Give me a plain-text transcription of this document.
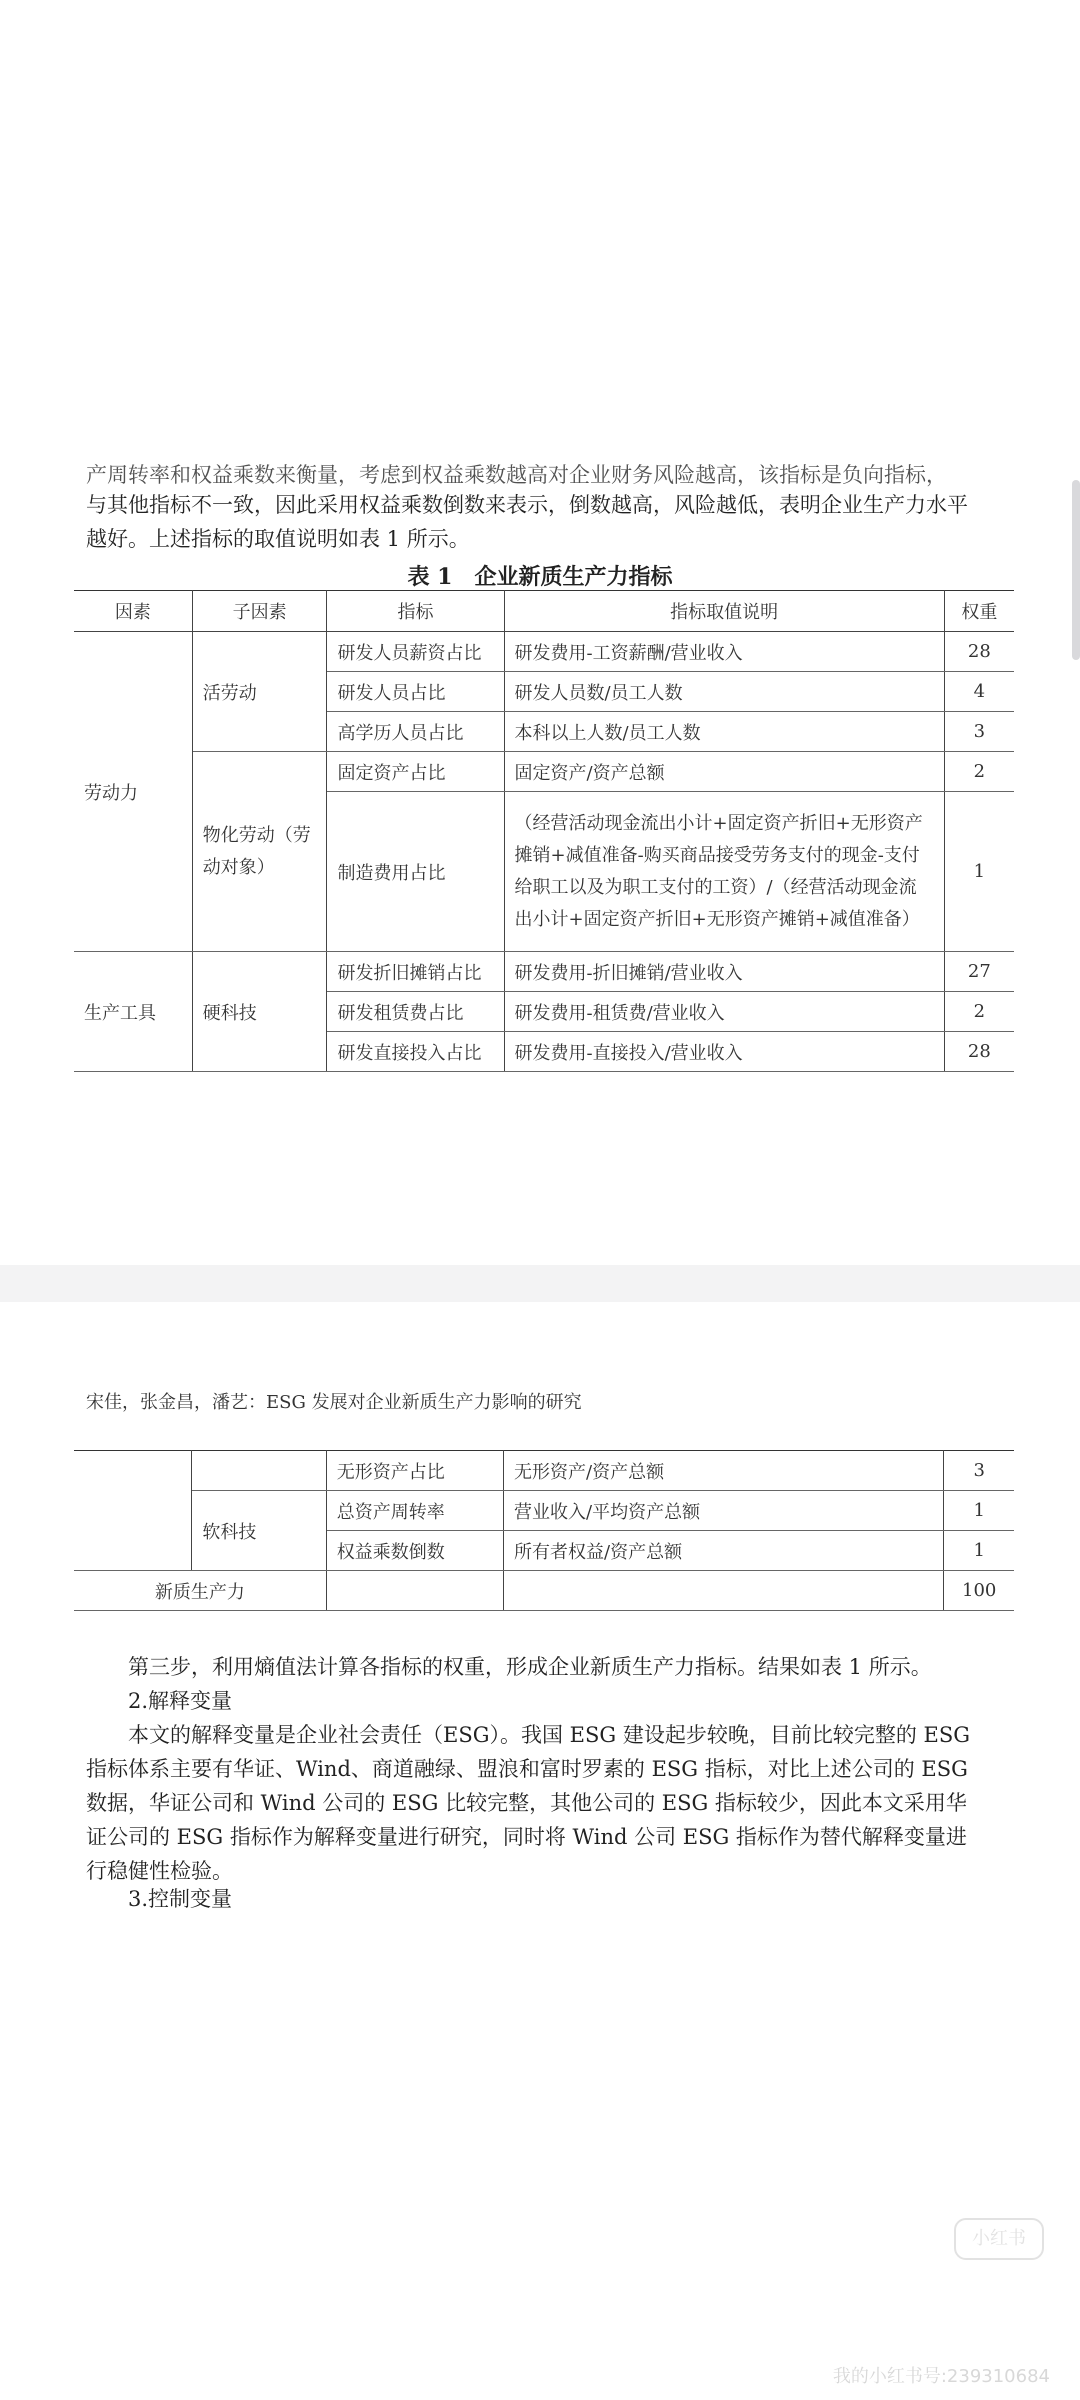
与其他指标不一致，因此采用权益乘数倒数来表示，倒数越高，风险越低，表明企业生产力水平越好。上述指标的取值说明如表 1 所示。
表 1　企业新质生产力指标
因素	子因素	指标	指标取值说明	权重
劳动力	活劳动	研发人员薪资占比	研发费用-工资薪酬/营业收入	28
		研发人员占比	研发人员数/员工人数	4
		高学历人员占比	本科以上人数/员工人数	3
	物化劳动（劳动对象）	固定资产占比	固定资产/资产总额	2
		制造费用占比	（经营活动现金流出小计+固定资产折旧+无形资产摊销+减值准备-购买商品接受劳务支付的现金-支付给职工以及为职工支付的工资）/（经营活动现金流出小计+固定资产折旧+无形资产摊销+减值准备）	1
生产工具	硬科技	研发折旧摊销占比	研发费用-折旧摊销/营业收入	27
		研发租赁费占比	研发费用-租赁费/营业收入	2
		研发直接投入占比	研发费用-直接投入/营业收入	28
宋佳，张金昌，潘艺：ESG 发展对企业新质生产力影响的研究
		无形资产占比	无形资产/资产总额	3
	软科技	总资产周转率	营业收入/平均资产总额	1
		权益乘数倒数	所有者权益/资产总额	1
新质生产力				100
第三步，利用熵值法计算各指标的权重，形成企业新质生产力指标。结果如表 1 所示。
2.解释变量
本文的解释变量是企业社会责任（ESG）。我国 ESG 建设起步较晚，目前比较完整的 ESG 指标体系主要有华证、Wind、商道融绿、盟浪和富时罗素的 ESG 指标，对比上述公司的 ESG 数据，华证公司和 Wind 公司的 ESG 比较完整，其他公司的 ESG 指标较少，因此本文采用华证公司的 ESG 指标作为解释变量进行研究，同时将 Wind 公司 ESG 指标作为替代解释变量进行稳健性检验。
3.控制变量
小红书
我的小红书号:239310684
